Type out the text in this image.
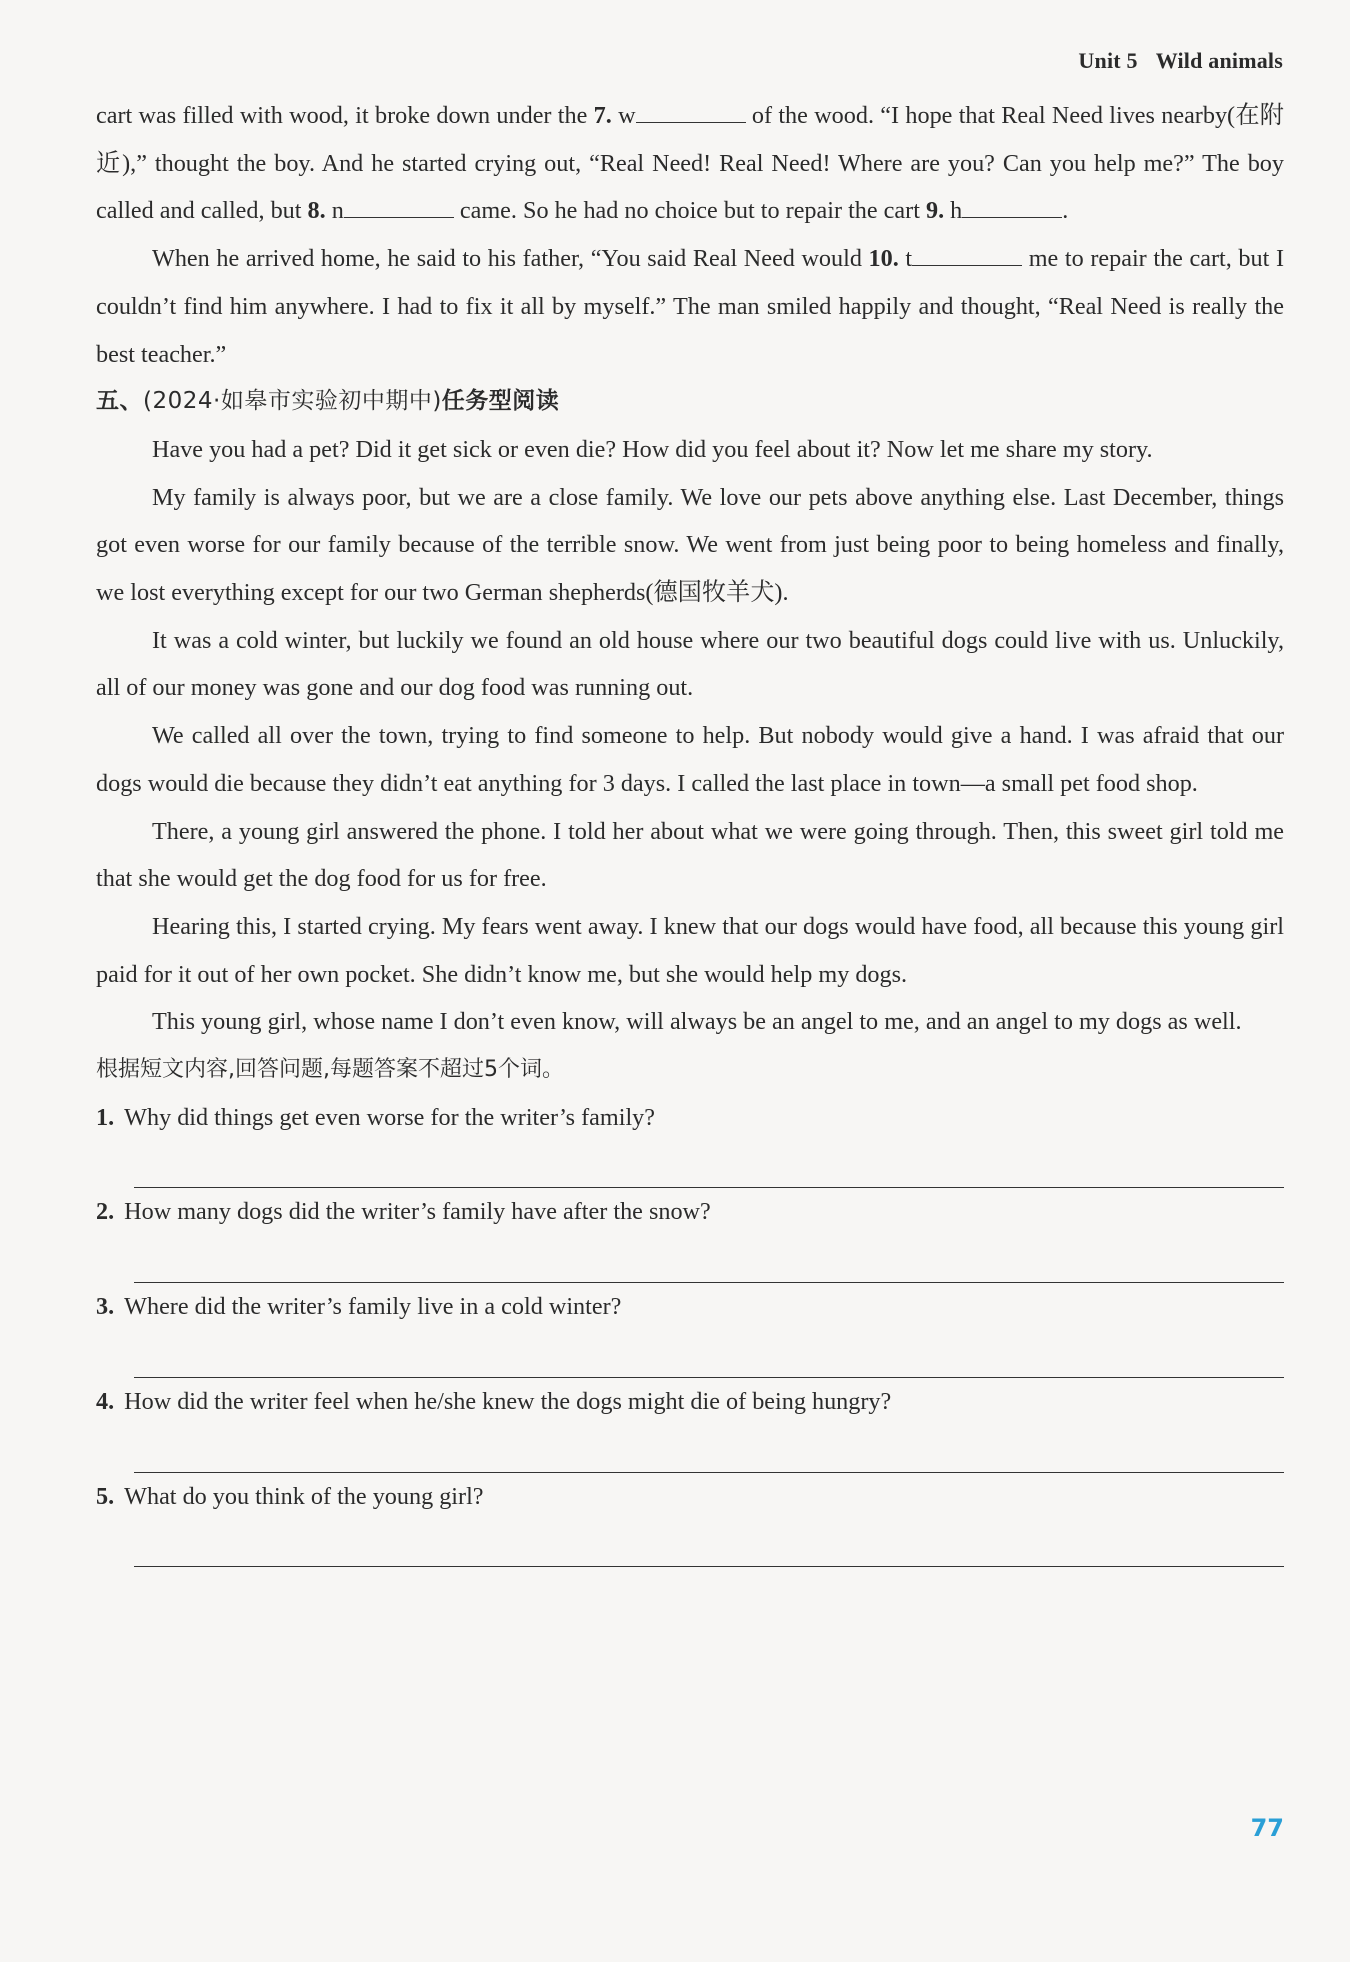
Unit 5 Wild animals

cart was filled with wood, it broke down under the 7. w	of the wood. “I hope that Real Need lives nearby(在附近),” thought the boy. And he started crying out, “Real Need! Real Need! Where are you? Can you help me?” The boy called and called, but 8. n	came. So he had no choice but to repair the cart 9. h	.

When he arrived home, he said to his father, “You said Real Need would 10. t	me to repair the cart, but I couldn’t find him anywhere. I had to fix it all by myself.” The man smiled happily and thought, “Real Need is really the best teacher.”

五、(2024·如皋市实验初中期中)任务型阅读

Have you had a pet? Did it get sick or even die? How did you feel about it? Now let me share my story.

My family is always poor, but we are a close family. We love our pets above anything else. Last December, things got even worse for our family because of the terrible snow. We went from just being poor to being homeless and finally, we lost everything except for our two German shepherds(德国牧羊犬).

It was a cold winter, but luckily we found an old house where our two beautiful dogs could live with us. Unluckily, all of our money was gone and our dog food was running out.

We called all over the town, trying to find someone to help. But nobody would give a hand. I was afraid that our dogs would die because they didn’t eat anything for 3 days. I called the last place in town—a small pet food shop.

There, a young girl answered the phone. I told her about what we were going through. Then, this sweet girl told me that she would get the dog food for us for free.

Hearing this, I started crying. My fears went away. I knew that our dogs would have food, all because this young girl paid for it out of her own pocket. She didn’t know me, but she would help my dogs.

This young girl, whose name I don’t even know, will always be an angel to me, and an angel to my dogs as well.

根据短文内容,回答问题,每题答案不超过5个词。

1. Why did things get even worse for the writer’s family?

2. How many dogs did the writer’s family have after the snow?

3. Where did the writer’s family live in a cold winter?

4. How did the writer feel when he/she knew the dogs might die of being hungry?

5. What do you think of the young girl?

77
